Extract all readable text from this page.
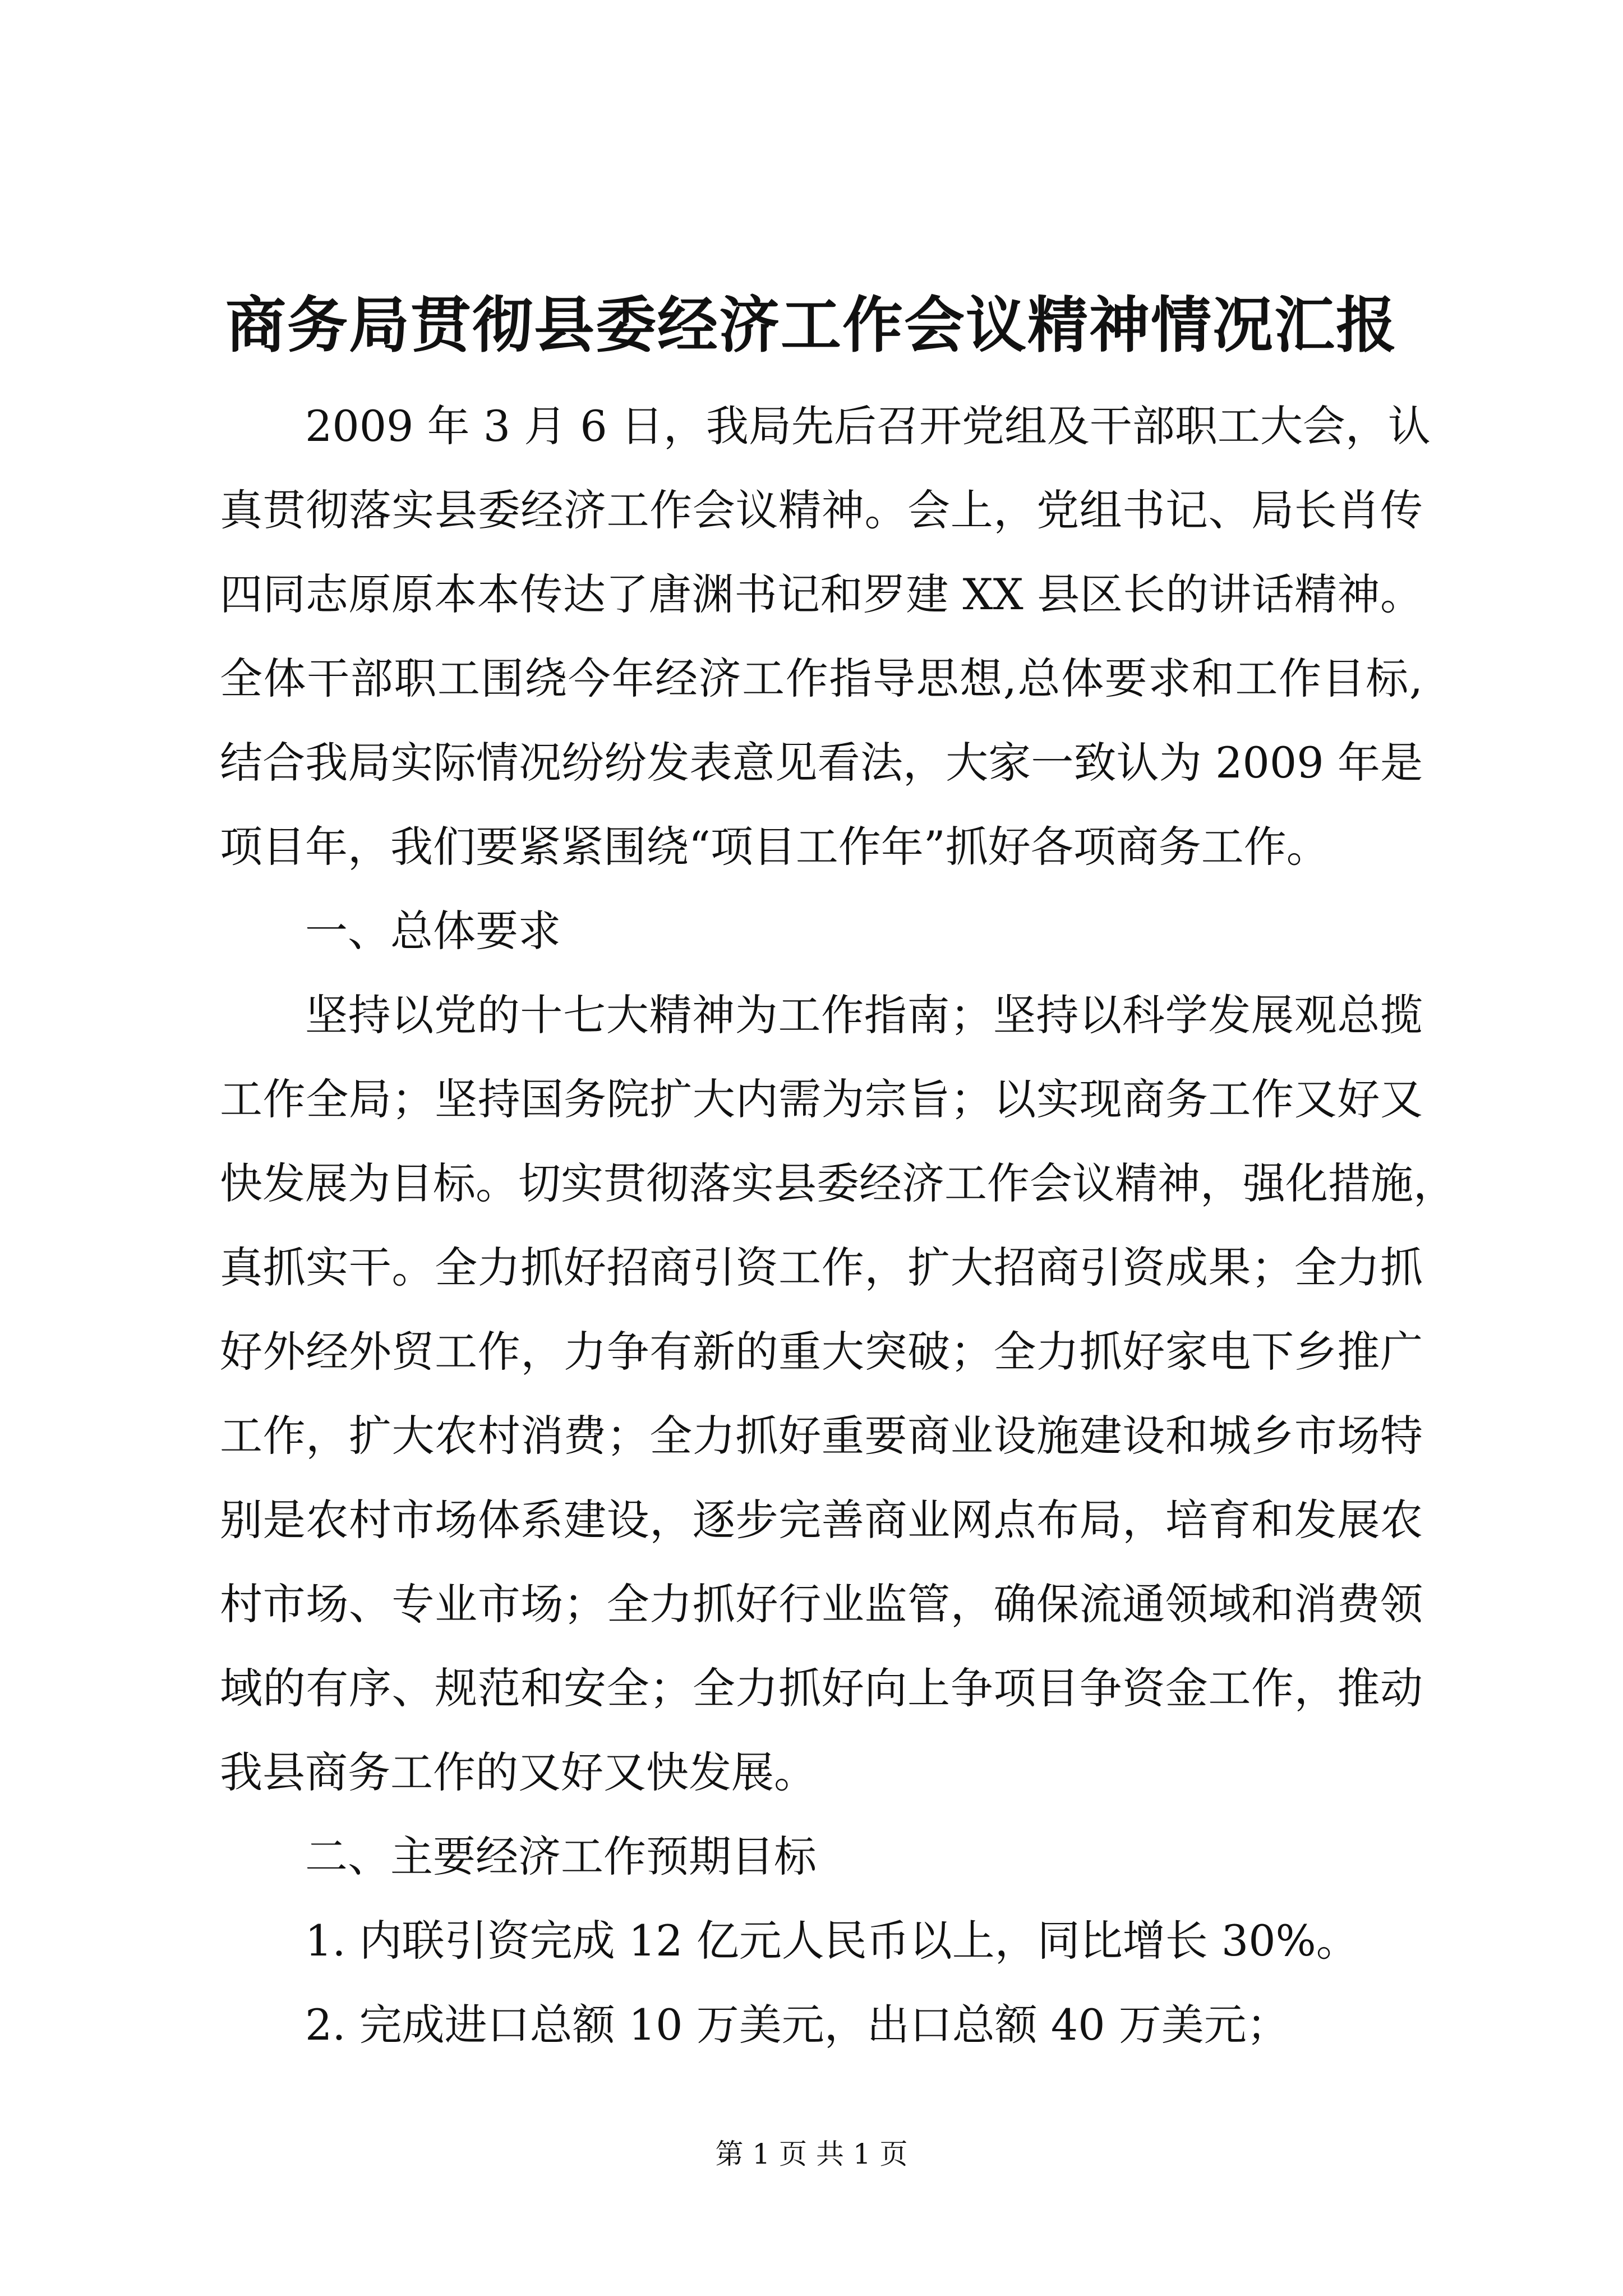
商务局贯彻县委经济工作会议精神情况汇报
2009 年 3 月 6 日，我局先后召开党组及干部职工大会，认
真贯彻落实县委经济工作会议精神。会上，党组书记、局长肖传
四同志原原本本传达了唐渊书记和罗建 XX 县区长的讲话精神。
全体干部职工围绕今年经济工作指导思想,总体要求和工作目标,
结合我局实际情况纷纷发表意见看法，大家一致认为 2009 年是
项目年，我们要紧紧围绕“项目工作年”抓好各项商务工作。
一、总体要求
坚持以党的十七大精神为工作指南；坚持以科学发展观总揽
工作全局；坚持国务院扩大内需为宗旨；以实现商务工作又好又
快发展为目标。切实贯彻落实县委经济工作会议精神，强化措施，
真抓实干。全力抓好招商引资工作，扩大招商引资成果；全力抓
好外经外贸工作，力争有新的重大突破；全力抓好家电下乡推广
工作，扩大农村消费；全力抓好重要商业设施建设和城乡市场特
别是农村市场体系建设，逐步完善商业网点布局，培育和发展农
村市场、专业市场；全力抓好行业监管，确保流通领域和消费领
域的有序、规范和安全；全力抓好向上争项目争资金工作，推动
我县商务工作的又好又快发展。
二、主要经济工作预期目标
1. 内联引资完成 12 亿元人民币以上，同比增长 30%。
2. 完成进口总额 10 万美元，出口总额 40 万美元；
第 1 页 共 1 页
